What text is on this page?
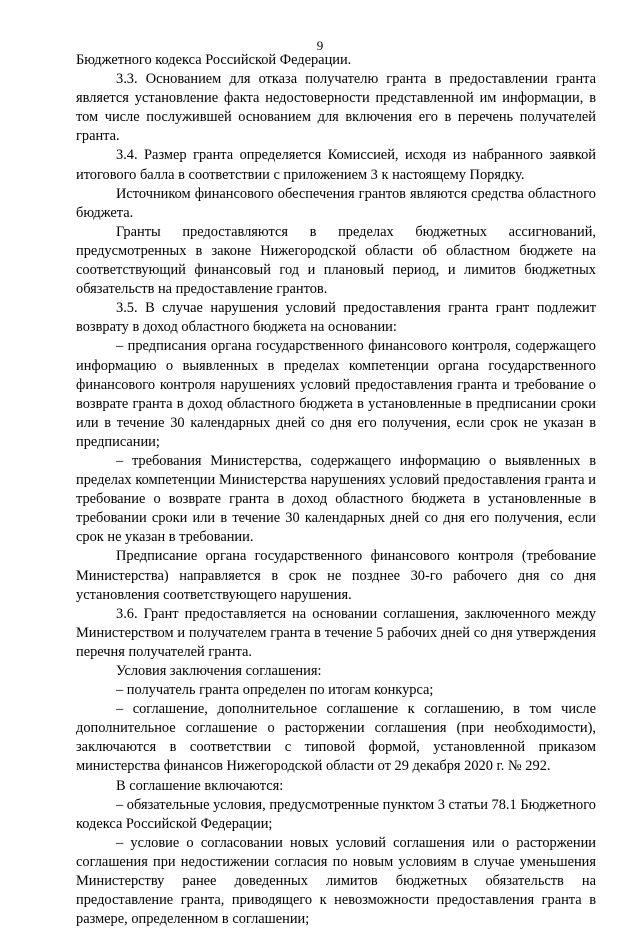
9

Бюджетного кодекса Российской Федерации.

3.3. Основанием для отказа получателю гранта в предоставлении гранта является установление факта недостоверности представленной им информации, в том числе послужившей основанием для включения его в перечень получателей гранта.

3.4. Размер гранта определяется Комиссией, исходя из набранного заявкой итогового балла в соответствии с приложением 3 к настоящему Порядку.

Источником финансового обеспечения грантов являются средства областного бюджета.

Гранты предоставляются в пределах бюджетных ассигнований, предусмотренных в законе Нижегородской области об областном бюджете на соответствующий финансовый год и плановый период, и лимитов бюджетных обязательств на предоставление грантов.

3.5. В случае нарушения условий предоставления гранта грант подлежит возврату в доход областного бюджета на основании:

– предписания органа государственного финансового контроля, содержащего информацию о выявленных в пределах компетенции органа государственного финансового контроля нарушениях условий предоставления гранта и требование о возврате гранта в доход областного бюджета в установленные в предписании сроки или в течение 30 календарных дней со дня его получения, если срок не указан в предписании;

– требования Министерства, содержащего информацию о выявленных в пределах компетенции Министерства нарушениях условий предоставления гранта и требование о возврате гранта в доход областного бюджета в установленные в требовании сроки или в течение 30 календарных дней со дня его получения, если срок не указан в требовании.

Предписание органа государственного финансового контроля (требование Министерства) направляется в срок не позднее 30-го рабочего дня со дня установления соответствующего нарушения.

3.6. Грант предоставляется на основании соглашения, заключенного между Министерством и получателем гранта в течение 5 рабочих дней со дня утверждения перечня получателей гранта.

Условия заключения соглашения:

– получатель гранта определен по итогам конкурса;

– соглашение, дополнительное соглашение к соглашению, в том числе дополнительное соглашение о расторжении соглашения (при необходимости), заключаются в соответствии с типовой формой, установленной приказом министерства финансов Нижегородской области от 29 декабря 2020 г. № 292.

В соглашение включаются:

– обязательные условия, предусмотренные пунктом 3 статьи 78.1 Бюджетного кодекса Российской Федерации;

– условие о согласовании новых условий соглашения или о расторжении соглашения при недостижении согласия по новым условиям в случае уменьшения Министерству ранее доведенных лимитов бюджетных обязательств на предоставление гранта, приводящего к невозможности предоставления гранта в размере, определенном в соглашении;
